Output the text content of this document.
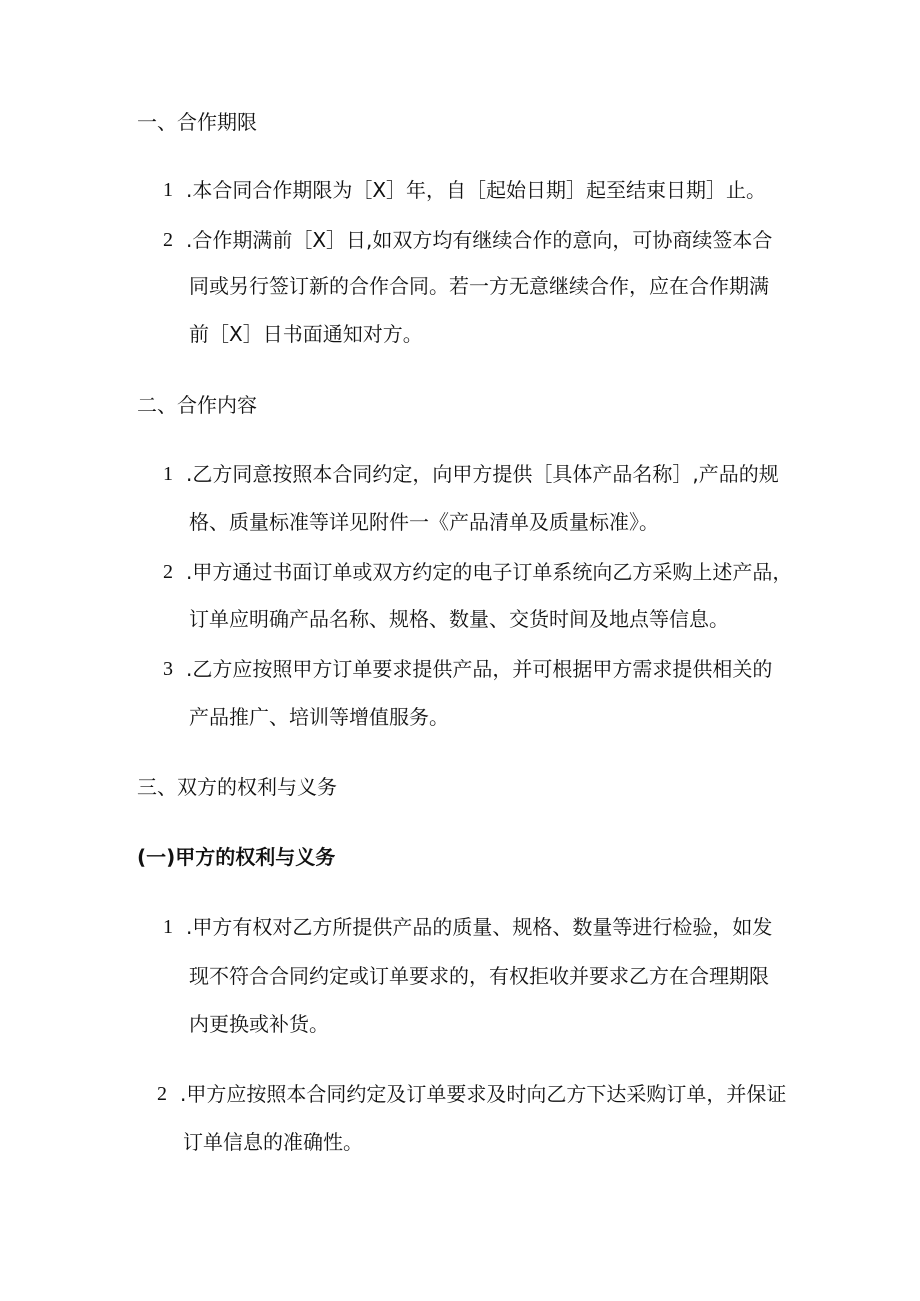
一、合作期限
1 .本合同合作期限为［X］年，自［起始日期］起至结束日期］止。
2 .合作期满前［X］日,如双方均有继续合作的意向，可协商续签本合
同或另行签订新的合作合同。若一方无意继续合作，应在合作期满
前［X］日书面通知对方。
二、合作内容
1 .乙方同意按照本合同约定，向甲方提供［具体产品名称］,产品的规
格、质量标准等详见附件一《产品清单及质量标准》。
2 .甲方通过书面订单或双方约定的电子订单系统向乙方采购上述产品，
订单应明确产品名称、规格、数量、交货时间及地点等信息。
3 .乙方应按照甲方订单要求提供产品，并可根据甲方需求提供相关的
产品推广、培训等增值服务。
三、双方的权利与义务
(一)甲方的权利与义务
1 .甲方有权对乙方所提供产品的质量、规格、数量等进行检验，如发
现不符合合同约定或订单要求的，有权拒收并要求乙方在合理期限
内更换或补货。
2 .甲方应按照本合同约定及订单要求及时向乙方下达采购订单，并保证
订单信息的准确性。
